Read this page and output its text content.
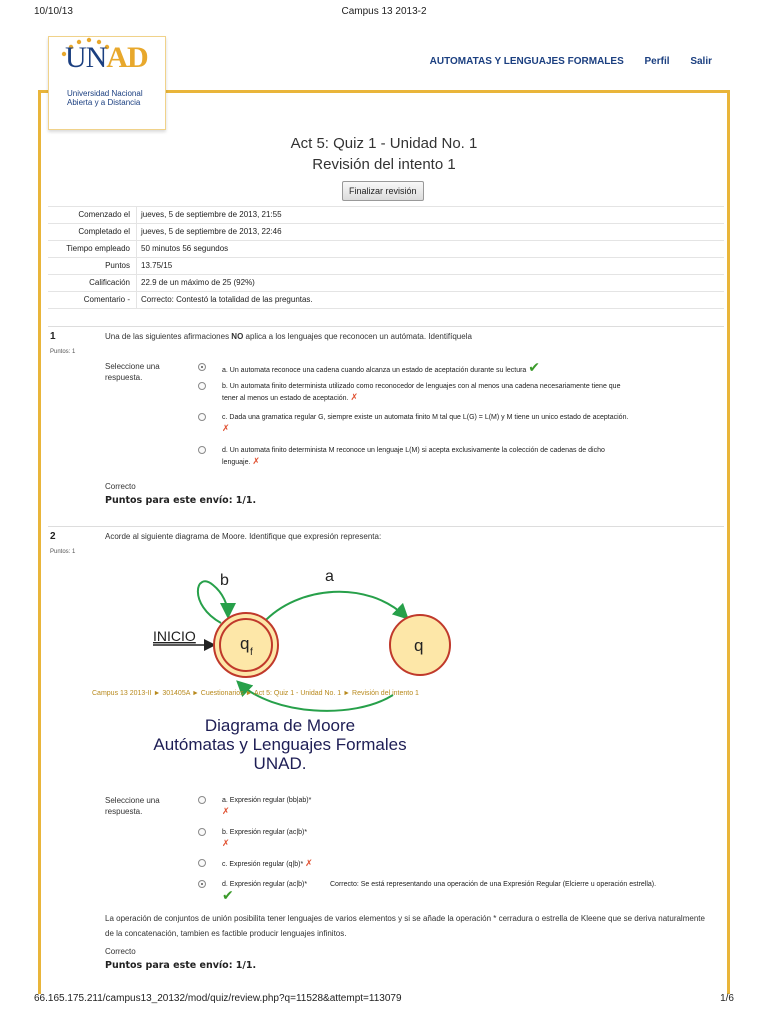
10/10/13	Campus 13 2013-2
UNAD
Universidad Nacional
Abierta y a Distancia
AUTOMATAS Y LENGUAJES FORMALES Perfil Salir
Act 5: Quiz 1 - Unidad No. 1
Revisión del intento 1
Finalizar revisión
Comenzado el	jueves, 5 de septiembre de 2013, 21:55
Completado el	jueves, 5 de septiembre de 2013, 22:46
Tiempo empleado	50 minutos 56 segundos
Puntos	13.75/15
Calificación	22.9 de un máximo de 25 (92%)
Comentario -	Correcto: Contestó la totalidad de las preguntas.
1
Puntos: 1
Una de las siguientes afirmaciones NO aplica a los lenguajes que reconocen un autómata. Identifíquela
Seleccione una respuesta.
a. Un automata reconoce una cadena cuando alcanza un estado de aceptación durante su lectura ✔
b. Un automata finito determinista utilizado como reconocedor de lenguajes con al menos una cadena necesariamente tiene que
tener al menos un estado de aceptación. ✗
c. Dada una gramatica regular G, siempre existe un automata finito M tal que L(G) = L(M) y M tiene un unico estado de aceptación.
✗
d. Un automata finito determinista M reconoce un lenguaje L(M) si acepta exclusivamente la colección de cadenas de dicho
lenguaje. ✗
Correcto
Puntos para este envío: 1/1.
2
Puntos: 1
Acorde al siguiente diagrama de Moore. Identifique que expresión representa:
b	a
INICIO	q f	q
Seleccione una respuesta.
a. Expresión regular (bb|ab)*
✗
b. Expresión regular (ac|b)*
✗
c. Expresión regular (q|b)* ✗
d. Expresión regular (ac|b)*
✔
Correcto: Se está representando una operación de una Expresión Regular (Elcierre u operación estrella).
La operación de conjuntos de unión posibilita tener lenguajes de varios elementos y si se añade la operación * cerradura o estrella de Kleene que se deriva naturalmente de la concatenación, tambien es factible producir lenguajes infinitos.
Correcto
Puntos para este envío: 1/1.
Campus 13 2013-II ► 301405A ► Cuestionarios ► Act 5: Quiz 1 - Unidad No. 1 ► Revisión del intento 1
Diagrama de Moore
Autómatas y Lenguajes Formales
UNAD.
66.165.175.211/campus13_20132/mod/quiz/review.php?q=11528&attempt=113079	1/6
